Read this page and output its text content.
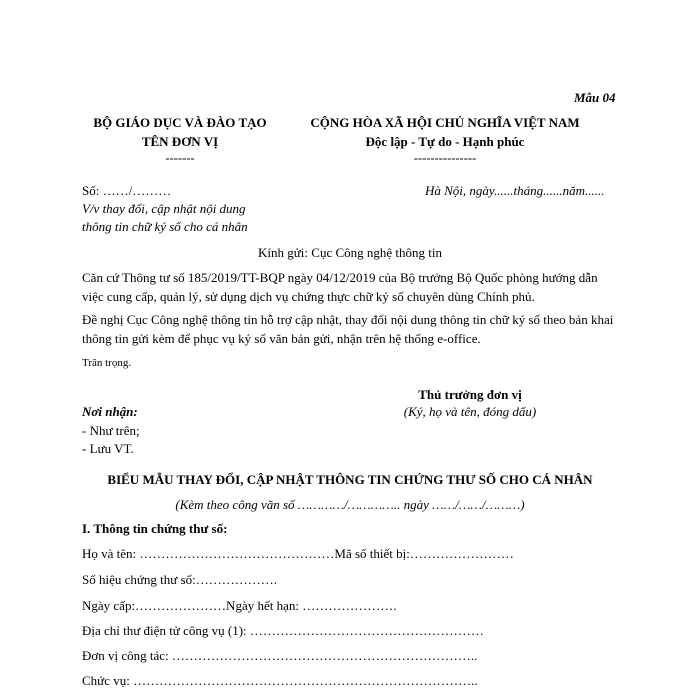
Mẫu 04
BỘ GIÁO DỤC VÀ ĐÀO TẠO
TÊN ĐƠN VỊ
-------
CỘNG HÒA XÃ HỘI CHỦ NGHĨA VIỆT NAM
Độc lập - Tự do - Hạnh phúc
---------------
Số: ……/………	Hà Nội, ngày......tháng......năm......
V/v thay đổi, cập nhật nội dung
thông tin chữ ký số cho cá nhân
Kính gửi: Cục Công nghệ thông tin
Căn cứ Thông tư số 185/2019/TT-BQP ngày 04/12/2019 của Bộ trưởng Bộ Quốc phòng hướng dẫn việc cung cấp, quản lý, sử dụng dịch vụ chứng thực chữ ký số chuyên dùng Chính phủ.
Đề nghị Cục Công nghệ thông tin hỗ trợ cập nhật, thay đổi nội dung thông tin chữ ký số theo bản khai thông tin gửi kèm để phục vụ ký số văn bản gửi, nhận trên hệ thống e-office.
Trân trọng.
Thủ trưởng đơn vị
(Ký, họ và tên, đóng dấu)
Nơi nhận:
- Như trên;
- Lưu VT.
BIỂU MẪU THAY ĐỔI, CẬP NHẬT THÔNG TIN CHỨNG THƯ SỐ CHO CÁ NHÂN
(Kèm theo công văn số …………/………….. ngày ……/……/………)
I. Thông tin chứng thư số:
Họ và tên: ………………………………………Mã số thiết bị:……………………
Số hiệu chứng thư số:……………….
Ngày cấp:…………………Ngày hết hạn: ………………….
Địa chỉ thư điện tử công vụ (1): ………………………………………………
Đơn vị công tác: ……………………………………………………………..
Chức vụ: ……………………………………………………………………..
